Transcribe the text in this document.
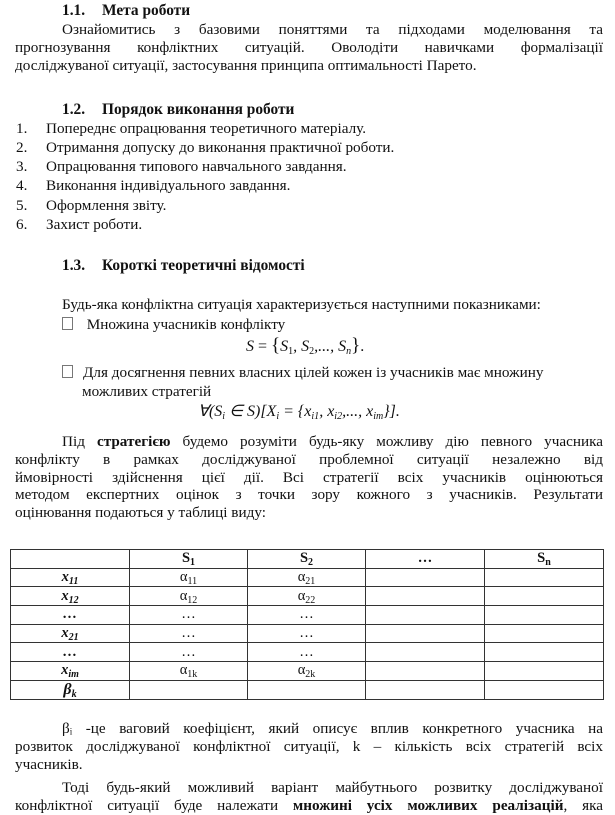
1.1. Мета роботи
Ознайомитись з базовими поняттями та підходами моделювання та
прогнозування конфліктних ситуацій. Оволодіти навичками формалізації
досліджуваної ситуації, застосування принципа оптимальності Парето.
1.2. Порядок виконання роботи
1. Попереднє опрацювання теоретичного матеріалу.
2. Отримання допуску до виконання практичної роботи.
3. Опрацювання типового навчального завдання.
4. Виконання індивідуального завдання.
5. Оформлення звіту.
6. Захист роботи.
1.3. Короткі теоретичні відомості
Будь-яка конфліктна ситуація характеризується наступними показниками:
Множина учасників конфлікту
$S = \{S_1$, $S_2$,..., $S_n$}.
Для досягнення певних власних цілей кожен із учасників має множину
можливих стратегій
$\forall(S_i$ ∈ $S)[X_i = \{x_{i1}$, $x_{i2}$,..., $x_{im}$}].
Під стратегією будемо розуміти будь-яку можливу дію певного учасника
конфлікту в рамках досліджуваної проблемної ситуації незалежно від
ймовірності здійснення цієї дії. Всі стратегії всіх учасників оцінюються
методом експертних оцінок з точки зору кожного з учасників. Результати
оцінювання подаються у таблиці виду:
	$S_1$	$S_2$	…	$S_n$
$x_{11}$	$\alpha_{11}$	$\alpha_{21}$		
$x_{12}$	$\alpha_{12}$	$\alpha_{22}$		
…	…	…		
$x_{21}$	…	…		
…	…	…		
$x_{im}$	$\alpha_{1k}$	$\alpha_{2k}$		
$\beta_k$				
βᵢ -це ваговий коефіцієнт, який описує вплив конкретного учасника на
розвиток досліджуваної конфліктної ситуації, k – кількість всіх стратегій всіх
учасників.
Тоді будь-який можливий варіант майбутнього розвитку досліджуваної
конфліктної ситуації буде належати множині усіх можливих реалізацій, яка
